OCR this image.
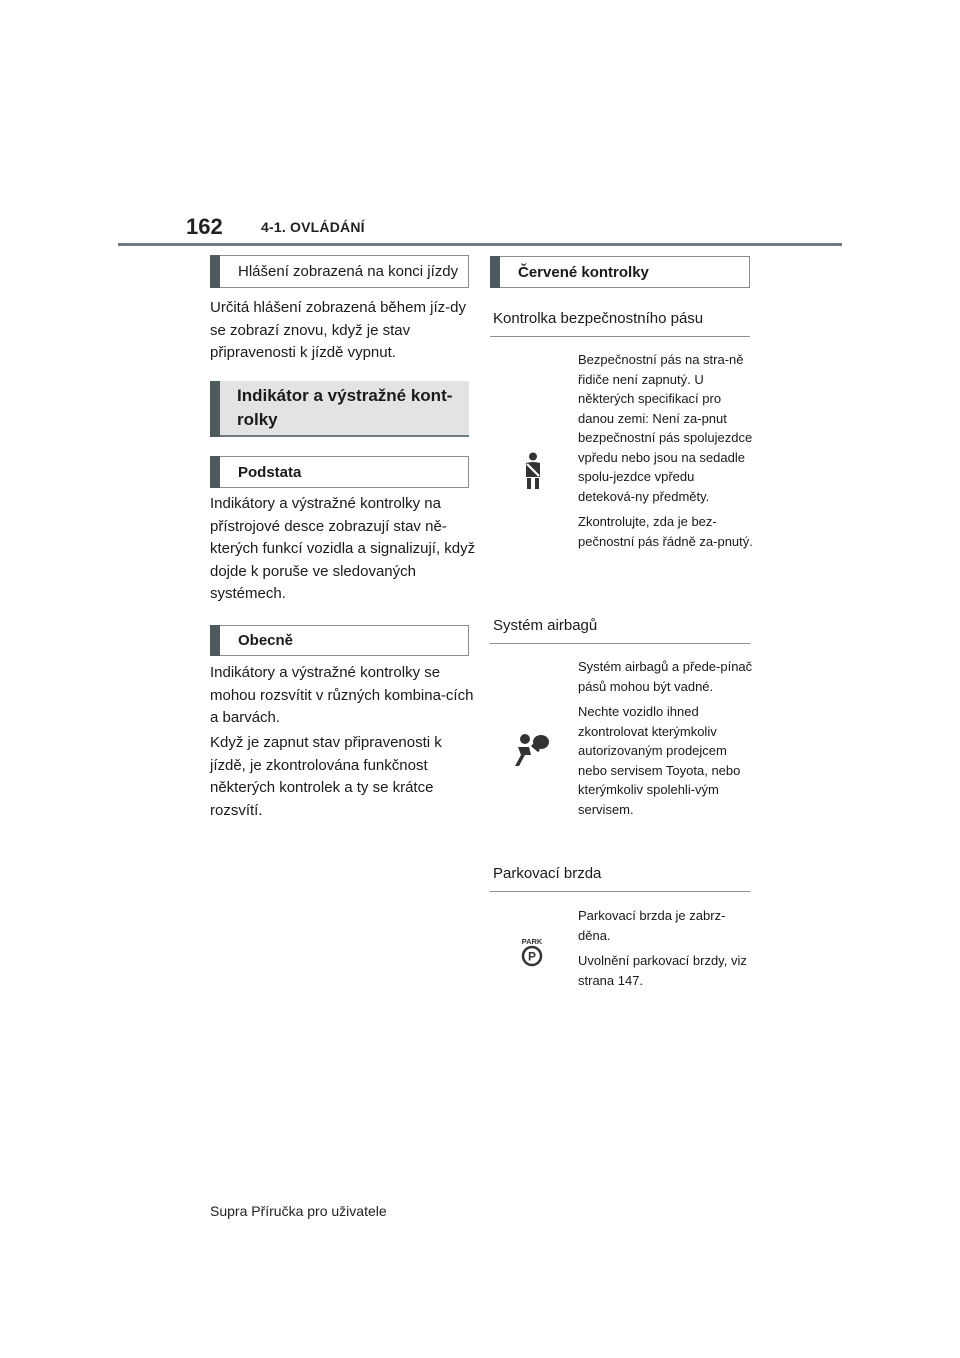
162	4-1. OVLÁDÁNÍ
Hlášení zobrazená na konci jízdy
Určitá hlášení zobrazená během jíz-dy se zobrazí znovu, když je stav připravenosti k jízdě vypnut.
Indikátor a výstražné kont-rolky
Podstata
Indikátory a výstražné kontrolky na přístrojové desce zobrazují stav ně-kterých funkcí vozidla a signalizují, když dojde k poruše ve sledovaných systémech.
Obecně
Indikátory a výstražné kontrolky se mohou rozsvítit v různých kombina-cích a barvách.
Když je zapnut stav připravenosti k jízdě, je zkontrolována funkčnost některých kontrolek a ty se krátce rozsvítí.
Červené kontrolky
Kontrolka bezpečnostního pásu

Bezpečnostní pás na stra-ně řidiče není zapnutý. U některých specifikací pro danou zemi: Není za-pnut bezpečnostní pás spolujezdce vpředu nebo jsou na sedadle spolu-jezdce vpředu deteková-ny předměty.

Zkontrolujte, zda je bez-pečnostní pás řádně za-pnutý.

Systém airbagů

Systém airbagů a přede-pínač pásů mohou být vadné.

Nechte vozidlo ihned zkontrolovat kterýmkoliv autorizovaným prodejcem nebo servisem Toyota, nebo kterýmkoliv spolehli-vým servisem.

Parkovací brzda
PARK
P

Parkovací brzda je zabrz-děna.

Uvolnění parkovací brzdy, viz strana 147.

Supra Příručka pro uživatele
